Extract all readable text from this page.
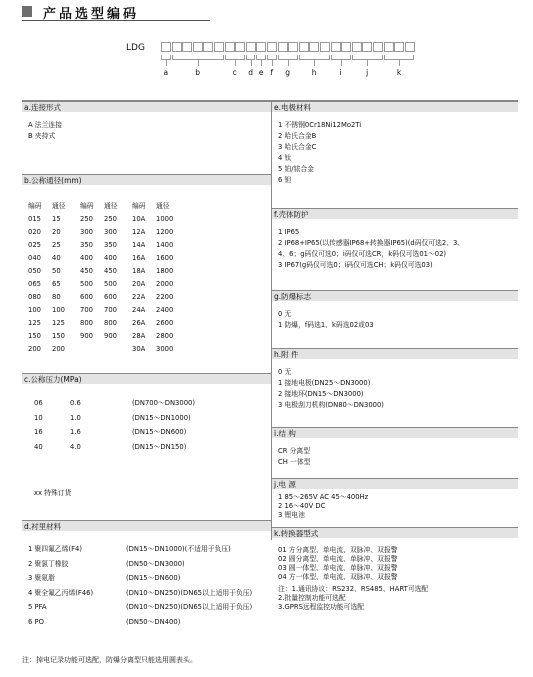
产品选型编码
LDG
a	b	c	d e f	g	h	i	j	k
a.连接形式
A 法兰连接
B 夹持式
b.公称通径(mm)
编码 通径 编码 通径 编码 通径
015 15	250 250 10A 1000
020 20	300 300 12A 1200
025 25	350 350 14A 1400
040 40	400 400 16A 1600
050 50	450 450 18A 1800
065 65	500 500 20A 2000
080 80	600 600 22A 2200
100 100 700 700 24A 2400
125 125 800 800 26A 2600
150 150 900 900 28A 2800
200 200	30A 3000
c.公称压力(MPa)
06	0.6	(DN700～DN3000)
10	1.0	(DN15～DN1000)
16	1.6	(DN15～DN600)
40	4.0	(DN15～DN150)
xx 特殊订货
d.衬里材料
1 聚四氟乙烯(F4)	(DN15～DN1000)(不适用于负压)
2 聚氯丁橡胶	(DN50～DN3000)
3 聚氨脂	(DN15～DN600)
4 聚全氟乙丙烯(F46)	(DN10～DN250)(DN65以上适用于负压)
5 PFA	(DN10～DN250)(DN65以上适用于负压)
6 PO	(DN50～DN400)
e.电极材料
1 不锈钢0Cr18Ni12Mo2Ti
2 哈氏合金B
3 哈氏合金C
4 钛
5 铂/铱合金
6 钽
f.壳体防护
1 IP65
2 IP68+IP65(以传感器IP68+转换器IP65)(d码仅可选2、3、
4、6；g码仅可选0；i码仅可选CR，k码仅可选01～02)
3 IP67(g码仅可选0；i码仅可选CH；k码仅可选03)
g.防爆标志
0 无
1 防爆，f码选1、k码选02或03
h.附 件
0 无
1 接地电极(DN25～DN3000)
2 接地环(DN15～DN3000)
3 电极刮刀机构(DN80～DN3000)
i.结 构
CR 分离型
CH 一体型
j.电 源
1 85～265V AC 45～400Hz
2 16～40V DC
3 锂电池
k.转换器型式
01 方分离型、单电流、双脉冲、双报警
02 圆分离型、单电流、单脉冲、双报警
03 圆一体型、单电流、单脉冲、双报警
04 方一体型、单电流、双脉冲、双报警
注：1.通讯协议：RS232、RS485、HART可选配
2.批量控制功能可选配
3.GPRS远程监控功能可选配
注：掉电记录功能可选配，防爆分离型只能选用圆表头。
